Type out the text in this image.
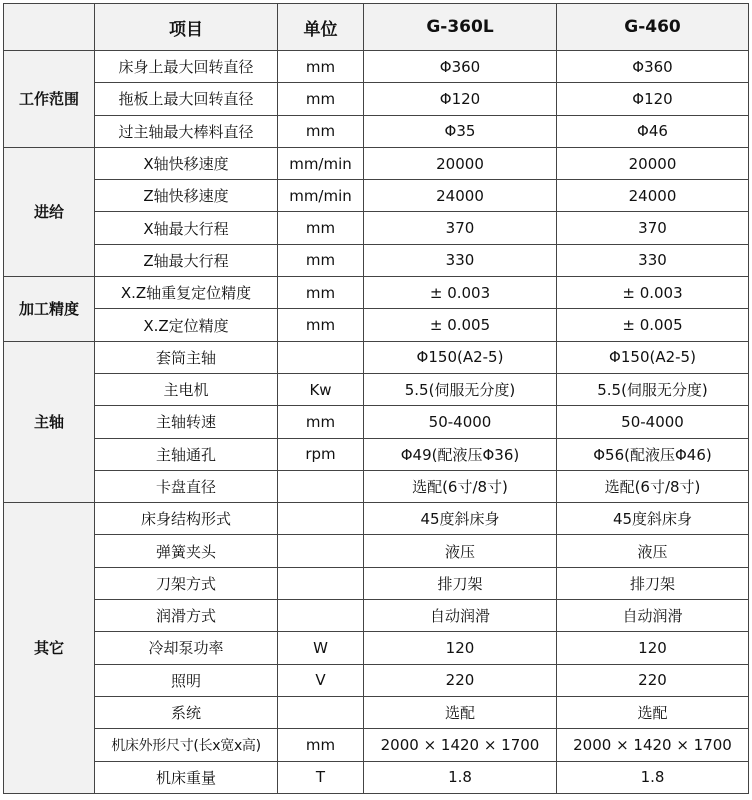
	项目	单位	G-360L	G-460
工作范围	床身上最大回转直径	mm	Φ360	Φ360
	拖板上最大回转直径	mm	Φ120	Φ120
	过主轴最大棒料直径	mm	Φ35	Φ46
进给	X轴快移速度	mm/min	20000	20000
	Z轴快移速度	mm/min	24000	24000
	X轴最大行程	mm	370	370
	Z轴最大行程	mm	330	330
加工精度	X.Z轴重复定位精度	mm	± 0.003	± 0.003
	X.Z定位精度	mm	± 0.005	± 0.005
主轴	套筒主轴		Φ150(A2-5)	Φ150(A2-5)
	主电机	Kw	5.5(伺服无分度)	5.5(伺服无分度)
	主轴转速	mm	50-4000	50-4000
	主轴通孔	rpm	Φ49(配液压Φ36)	Φ56(配液压Φ46)
	卡盘直径		选配(6寸/8寸)	选配(6寸/8寸)
其它	床身结构形式		45度斜床身	45度斜床身
	弹簧夹头		液压	液压
	刀架方式		排刀架	排刀架
	润滑方式		自动润滑	自动润滑
	冷却泵功率	W	120	120
	照明	V	220	220
	系统		选配	选配
	机床外形尺寸(长x宽x高)	mm	2000 × 1420 × 1700	2000 × 1420 × 1700
	机床重量	T	1.8	1.8
